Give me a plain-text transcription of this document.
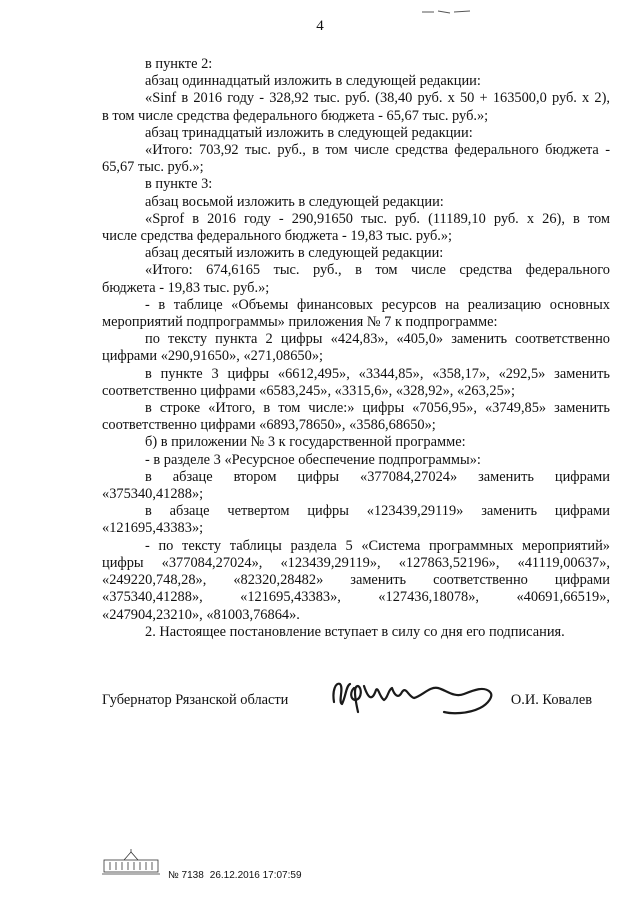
4

в пункте 2:

абзац одиннадцатый изложить в следующей редакции:

«Sinf в 2016 году - 328,92 тыс. руб. (38,40 руб. x 50 + 163500,0 руб. x 2),

в том числе средства федерального бюджета - 65,67 тыс. руб.»;

абзац тринадцатый изложить в следующей редакции:

«Итого: 703,92 тыс. руб., в том числе средства федерального бюджета -

65,67 тыс. руб.»;

в пункте 3:

абзац восьмой изложить в следующей редакции:

«Sprof в 2016 году - 290,91650 тыс. руб. (11189,10 руб. x 26), в том

числе средства федерального бюджета - 19,83 тыс. руб.»;

абзац десятый изложить в следующей редакции:

«Итого: 674,6165 тыс. руб., в том числе средства федерального

бюджета - 19,83 тыс. руб.»;

- в таблице «Объемы финансовых ресурсов на реализацию основных

мероприятий подпрограммы» приложения № 7 к подпрограмме:

по тексту пункта 2 цифры «424,83», «405,0» заменить соответственно

цифрами «290,91650», «271,08650»;

в пункте 3 цифры «6612,495», «3344,85», «358,17», «292,5» заменить

соответственно цифрами «6583,245», «3315,6», «328,92», «263,25»;

в строке «Итого, в том числе:» цифры «7056,95», «3749,85» заменить

соответственно цифрами «6893,78650», «3586,68650»;

б) в приложении № 3 к государственной программе:

- в разделе 3 «Ресурсное обеспечение подпрограммы»:

в абзаце втором цифры «377084,27024» заменить цифрами

«375340,41288»;

в абзаце четвертом цифры «123439,29119» заменить цифрами

«121695,43383»;

- по тексту таблицы раздела 5 «Система программных мероприятий»

цифры «377084,27024», «123439,29119», «127863,52196», «41119,00637»,

«249220,748,28», «82320,28482» заменить соответственно цифрами

«375340,41288», «121695,43383», «127436,18078», «40691,66519»,

«247904,23210», «81003,76864».

2. Настоящее постановление вступает в силу со дня его подписания.

Губернатор Рязанской области	О.И. Ковалев
№ 7138 26.12.2016 17:07:59
